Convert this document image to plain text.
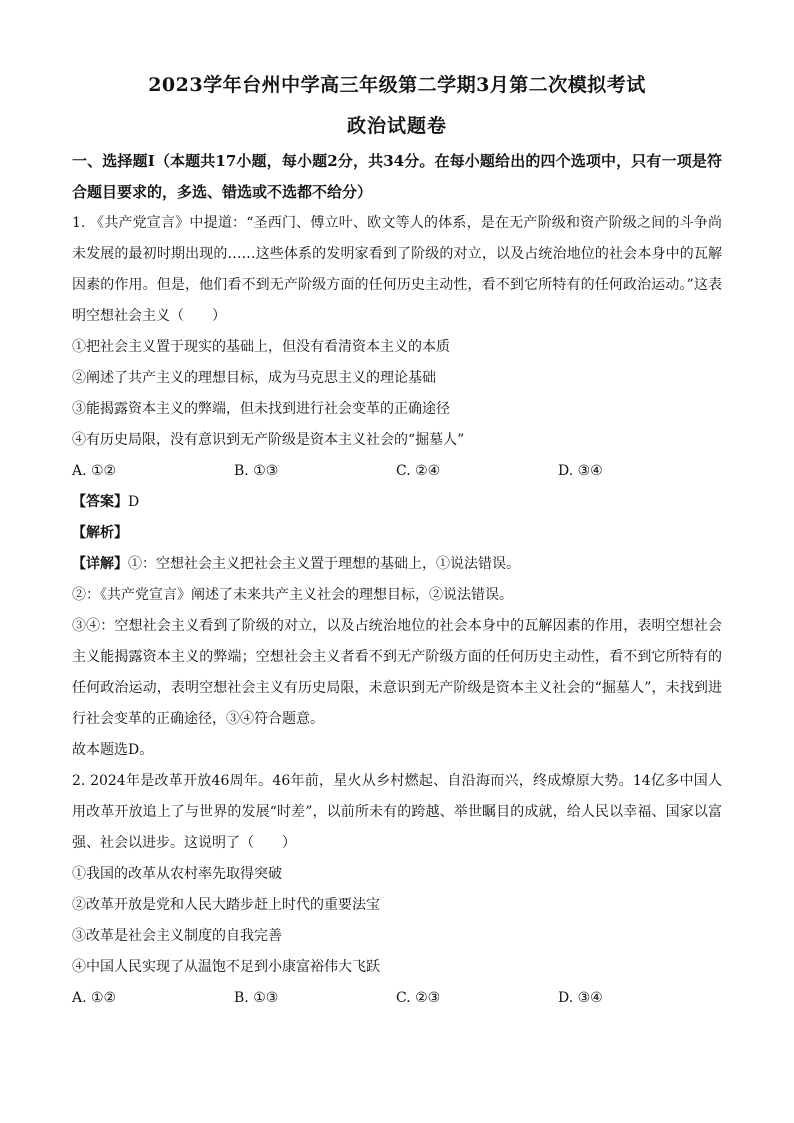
2023学年台州中学高三年级第二学期3月第二次模拟考试
政治试题卷
一、选择题Ⅰ（本题共17小题，每小题2分，共34分。在每小题给出的四个选项中，只有一项是符合题目要求的，多选、错选或不选都不给分）
1. 《共产党宣言》中提道：“圣西门、傅立叶、欧文等人的体系，是在无产阶级和资产阶级之间的斗争尚未发展的最初时期出现的……这些体系的发明家看到了阶级的对立，以及占统治地位的社会本身中的瓦解因素的作用。但是，他们看不到无产阶级方面的任何历史主动性，看不到它所特有的任何政治运动。”这表明空想社会主义（　　）
①把社会主义置于现实的基础上，但没有看清资本主义的本质
②阐述了共产主义的理想目标，成为马克思主义的理论基础
③能揭露资本主义的弊端，但未找到进行社会变革的正确途径
④有历史局限，没有意识到无产阶级是资本主义社会的“掘墓人”
A. ①②	B. ①③	C. ②④	D. ③④
【答案】D
【解析】
【详解】①：空想社会主义把社会主义置于理想的基础上，①说法错误。
②：《共产党宣言》阐述了未来共产主义社会的理想目标，②说法错误。
③④：空想社会主义看到了阶级的对立，以及占统治地位的社会本身中的瓦解因素的作用，表明空想社会主义能揭露资本主义的弊端；空想社会主义者看不到无产阶级方面的任何历史主动性，看不到它所特有的任何政治运动，表明空想社会主义有历史局限，未意识到无产阶级是资本主义社会的“掘墓人”，未找到进行社会变革的正确途径，③④符合题意。
故本题选D。
2. 2024年是改革开放46周年。46年前，星火从乡村燃起、自沿海而兴，终成燎原大势。14亿多中国人用改革开放追上了与世界的发展“时差”，以前所未有的跨越、举世瞩目的成就，给人民以幸福、国家以富强、社会以进步。这说明了（　　）
①我国的改革从农村率先取得突破
②改革开放是党和人民大踏步赶上时代的重要法宝
③改革是社会主义制度的自我完善
④中国人民实现了从温饱不足到小康富裕伟大飞跃
A. ①②	B. ①③	C. ②③	D. ③④
